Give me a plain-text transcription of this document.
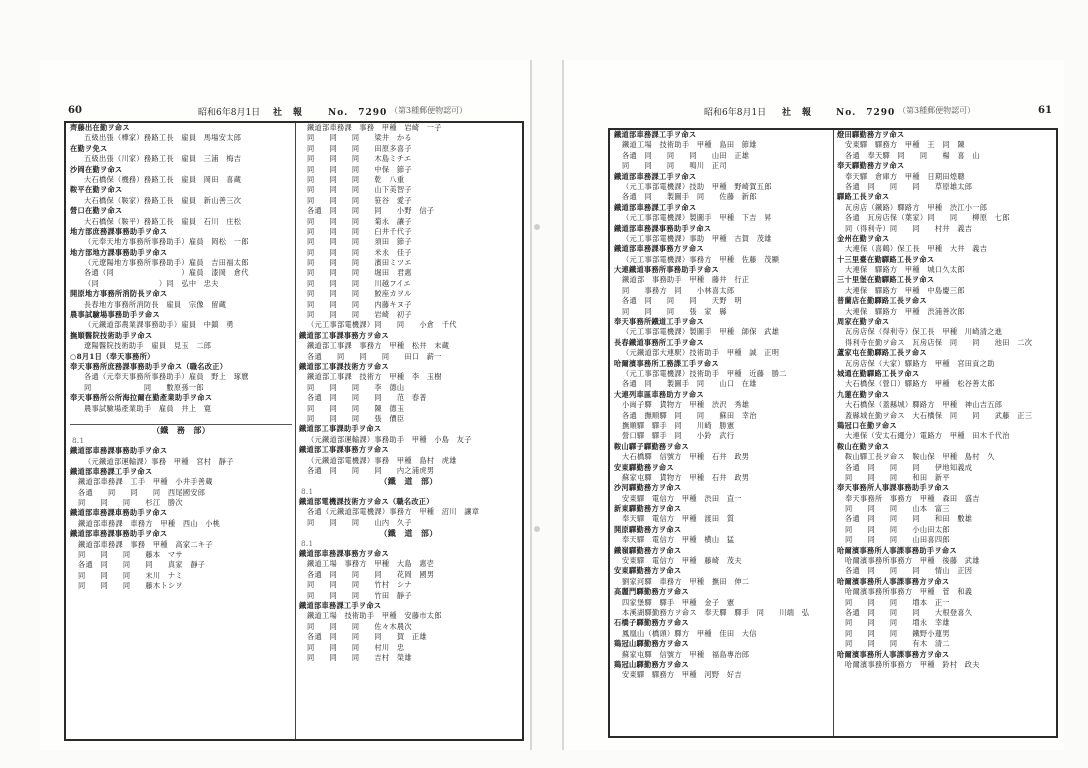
60	昭和6年8月1日 社　報	No.　7290 （第3種郵便物認可）
齊藤出在勤ヲ命ス
五級出張（樺家）務路工長　雇員　馬場安太郎
在勤ヲ免ス
五級出張（川家）務路工長　雇員　三浦　梅吉
沙岡在勤ヲ命ス
大石橋保（機務）務路工長　雇員　岡田　喜蔵
鞍平在勤ヲ命ス
大石橋保（鞍家）務路工長　雇員　新山善三次
營口在勤ヲ命ス
大石橋保（鞍平）務路工長　雇員　石川　庄松
地方部庶務課事務助手ヲ命ス
（元奉天地方事務所事務助手）雇員　岡松　一郎
地方部地方課事務助手ヲ命ス
（元遼陽地方事務所事務助手）雇員　吉田福太郎
各通（同　　　　　　　　　）雇員　漆岡　倉代
（同　　　　　　　　）同　弘中　忠夫
開原地方事務所消防長ヲ命ス
長春地方事務所消防長　雇員　宗像　留蔵
農事試驗場事務助手ヲ命ス
（元鐵道部農業課事務助手）雇員　中鎮　勇
撫順醫院技術助手ヲ命ス
遼陽醫院技術助手　雇員　見玉　二郎
○8月1日（奉天事務所）
奉天事務所庶務課事務助手ヲ命ス（職名改正）
各通（元奉天事務所事務助手）雇員　野上　琢麿
同　　　　　　　同　　數原孫一郎
奉天事務所公所海拉爾在勤產業助手ヲ命ス
農事試驗場產業助手　雇員　井上　寛
（鐵　務　部）
8.1
鐵道部車務課事務助手ヲ命ス
（元鐵道部運輸課）事務　甲種　宮村　靜子
鐵道部車務課工手ヲ命ス
鐵道部車務課　工手　甲種　小井手善蔵
各通　　同　　同　　同　西尾國安郎
同　　同　　同　　杉江　勝次
鐵道部車務課車務助手ヲ命ス
鐵道部車務課　車務方　甲種　西山　小桃
鐵道部車務課事務助手ヲ命ス
鐵道部車務課　事務　甲種　高家二キ子
同　　同　　同　　藤本　マサ
各通　同　　同　　同　　真家　靜子
同　　同　　同　　末川　ナミ
同　　同　　同　　藤木トシヲ
鐵道部車務課　事務　甲種　岩崎　一子
同　　同　　同　　梁井　かる
同　　同　　同　　田原多喜子
同　　同　　同　　木島ミチエ
同　　同　　同　　中保　節子
同　　同　　同　　乾　八重
同　　同　　同　　山下美智子
同　　同　　同　　笹谷　愛子
各通　同　　同　　同　　小野　信子
同　　同　　同　　菊永　讓子
同　　同　　同　　臼井千代子
同　　同　　同　　須田　節子
同　　同　　同　　米永　佳子
同　　同　　同　　濱田ミツエ
同　　同　　同　　堀田　君惠
同　　同　　同　　川越フイエ
同　　同　　同　　鮫座カヲル
同　　同　　同　　内藤キヌ子
同　　同　　同　　岩崎　初子
（元工事部電機課）同　　同　　小倉　千代
鐵道部工事課事務方ヲ命ス
鐵道部工事課　事務方　甲種　松井　末蔵
各通　　同　　同　　同　　田口　薪一
鐵道部工事課技術方ヲ命ス
鐵道部工事課　技術方　甲種　李　玉樹
同　　同　　同　　李　德山
各通　同　　同　　同　　范　春普
同　　同　　同　　陳　德玉
同　　同　　同　　張　價臣
鐵道部工事課助手ヲ命ス
（元鐵道部運輸課）事務助手　甲種　小島　友子
鐵道部工事課事務方ヲ命ス
（元鐵道部電機課）事務　甲種　島村　虎雄
各通　同　　同　　同　　内之浦虎男
（鐵　道　部）
8.1
鐵道部電機課技術方ヲ命ス（職名改正）
各通（元鐵道部電機課）事務方　甲種　沼川　讓章
同　　同　　同　　山内　久子
（鐵　道　部）
8.1
鐵道部車務課事務方ヲ命ス
鐵道工場　事務方　甲種　大島　惠壱
各通　同　　同　　同　　花岡　國男
同　　同　　同　　竹村　シナ
同　　同　　同　　竹田　靜子
鐵道部車務課工手ヲ命ス
鐵道工場　技術助手　甲種　安藤市太郎
同　　同　　同　　佐々木農次
各通　同　　同　　同　　賀　正雄
同　　同　　同　　村川　忠
同　　同　　同　　吉村　榮雄
昭和6年8月1日 社　報	No.　7290 （第3種郵便物認可）	61
鐵道部車務課工手ヲ命ス
鐵道工場　技術助手　甲種　島田　節雄
各通　同　　同　　同　　山田　正雄
同　　同　　同　　鳴川　正司
鐵道部車務課工手ヲ命ス
（元工事部電機課）技助　甲種　野崎賀五郎
各通　同　　製圖手　同　　佐藤　新郎
鐵道部車務課工手ヲ命ス
（元工事部電機課）製圖手　甲種　下吉　昇
鐵道部車務課事務助手ヲ命ス
（元工事部電機課）事助　甲種　古賀　茂雄
鐵道部車務課事務方ヲ命ス
（元工事部電機課）事務方　甲種　佐藤　茂顯
大連鐵道事務所事務助手ヲ命ス
鐵道部　事務助手　甲種　藤井　行正
同　　事務方　同　　小林喜太郎
各通　同　　同　　同　　天野　明
同　　同　　同　　張　家　縣
奉天事務所鐵道工手ヲ命ス
（元工事部電機課）製圖手　甲種　師保　武雄
長春鐵道事務所工手ヲ命ス
（元鐵道部大連駅）技術助手　甲種　誠　正明
哈爾濱事務所工務課工手ヲ命ス
（元工事部電機課）技術助手　甲種　近藤　勝二
各通　同　　製圖手　同　　山口　在雄
大連列車區車務助方ヲ命ス
小崗子驛　貨物方　甲種　渋沢　秀雄
各通　撫順驛　同　　同　　蘇田　幸治
撫順驛　驛手　同　　川崎　勝憲
營口驛　驛手　同　　小鈴　武行
鞍山驛子驛勤務ヲ命ス
大石橋驛　信號方　甲種　石井　政男
安東驛勤務ヲ命ス
蘇家屯驛　貨物方　甲種　石井　政男
沙河驛勤務方ヲ命ス
安東驛　電信方　甲種　渋田　直一
新東驛勤務方ヲ命ス
奉天驛　電信方　甲種　渡田　質
開原驛勤務方ヲ命ス
奉天驛　電信方　甲種　横山　猛
鐵嶺驛勤務方ヲ命ス
安東驛　電信方　甲種　藤崎　茂夫
安東驛勤務方ヲ命ス
劉家河驛　車務方　甲種　撫田　伸二
高麗門驛勤務方ヲ命ス
四家堡驛　驛手　甲種　金子　憲
本溪湖驛勤務方ヲ命ス　奉天驛　驛手　同　　川端　弘
石橋子驛勤務方ヲ命ス
鳳凰山（橋頭）驛方　甲種　佳田　大信
鶏冠山驛勤務方ヲ命ス
蘇家屯驛　信號方　甲種　福島專治郎
鶏冠山驛勤務方ヲ命ス
安東驛　驛務方　甲種　河野　好吉
燈田驛勤務方ヲ命ス
安東驛　驛務方　甲種　王　同　陳
各通　奉天驛　同　　同　　楊　喜　山
奉天驛勤務方ヲ命ス
奉天驛　倉庫方　甲種　日期田煌聰
各通　同　　同　　同　　草原雄太郎
驛路工長ヲ命ス
瓦房店（鐵路）驛路方　甲種　渋江小一郎
各通　瓦房店保（葉家）同　　同　　柳原　七郎
同（得利寺）同　　同　　村井　義吉
金州在勤ヲ命ス
大連保（喜鶴）保工長　甲種　大井　義吉
十三里臺在勤驛路工長ヲ命ス
大連保　驛路方　甲種　城口久太郎
三十里堡在勤驛路工長ヲ命ス
大連保　驛路方　甲種　中島慶三郎
普蘭店在勤驛路工長ヲ命ス
大連保　驛路方　甲種　渋浦善次郎
周家在勤ヲ命ス
瓦房店保（得利寺）保工長　甲種　川崎清之進
得利寺在勤ヲ命ス　瓦房店保　同　　同　　池田　二次
蘆家屯在勤驛路工長ヲ命ス
瓦房店保（大家）驛路方　甲種　宮田貢之助
城通在勤驛路工長ヲ命ス
大石橋保（營口）驛路方　甲種　松谷善太郎
九蓮在勤ヲ命ス
大石橋保（蓋縣城）驛路方　甲種　神山吉五郎
蓋縣城在勤ヲ命ス　大石橋保　同　　同　　武藤　正三
鶏冠口在勤ヲ命ス
大連保（安太石繩分）電路方　甲種　田木千代治
鞍山在勤ヲ命ス
鞍山驛工長ヲ命ス　鞍山保　甲種　島村　久
各通　同　　同　　同　　伊地知義成
同　　同　　同　　和田　新平
奉天事務所人事課事務助手ヲ命ス
奉天事務所　事務方　甲種　森田　盛吉
同　　同　　同　　山本　富三
各通　同　　同　　同　　和田　數雄
同　　同　　同　　小山田太郎
同　　同　　同　　山田喜四郎
哈爾濱事務所人事課事務助手ヲ命ス
哈爾濱事務所事務方　甲種　後藤　武雄
各通　同　　同　　同　　情山　正因
哈爾濱事務所人事課事務方ヲ命ス
哈爾濱事務所事務方　甲種　菅　和義
同　　同　　同　　増本　正一
各通　同　　同　　同　　大根登喜久
同　　同　　同　　増永　幸雄
同　　同　　同　　鐵野小蓮男
同　　同　　同　　有木　清二
哈爾濱事務所人事課事務方ヲ命ス
哈爾濱事務所事務方　甲種　鈴村　政夫
